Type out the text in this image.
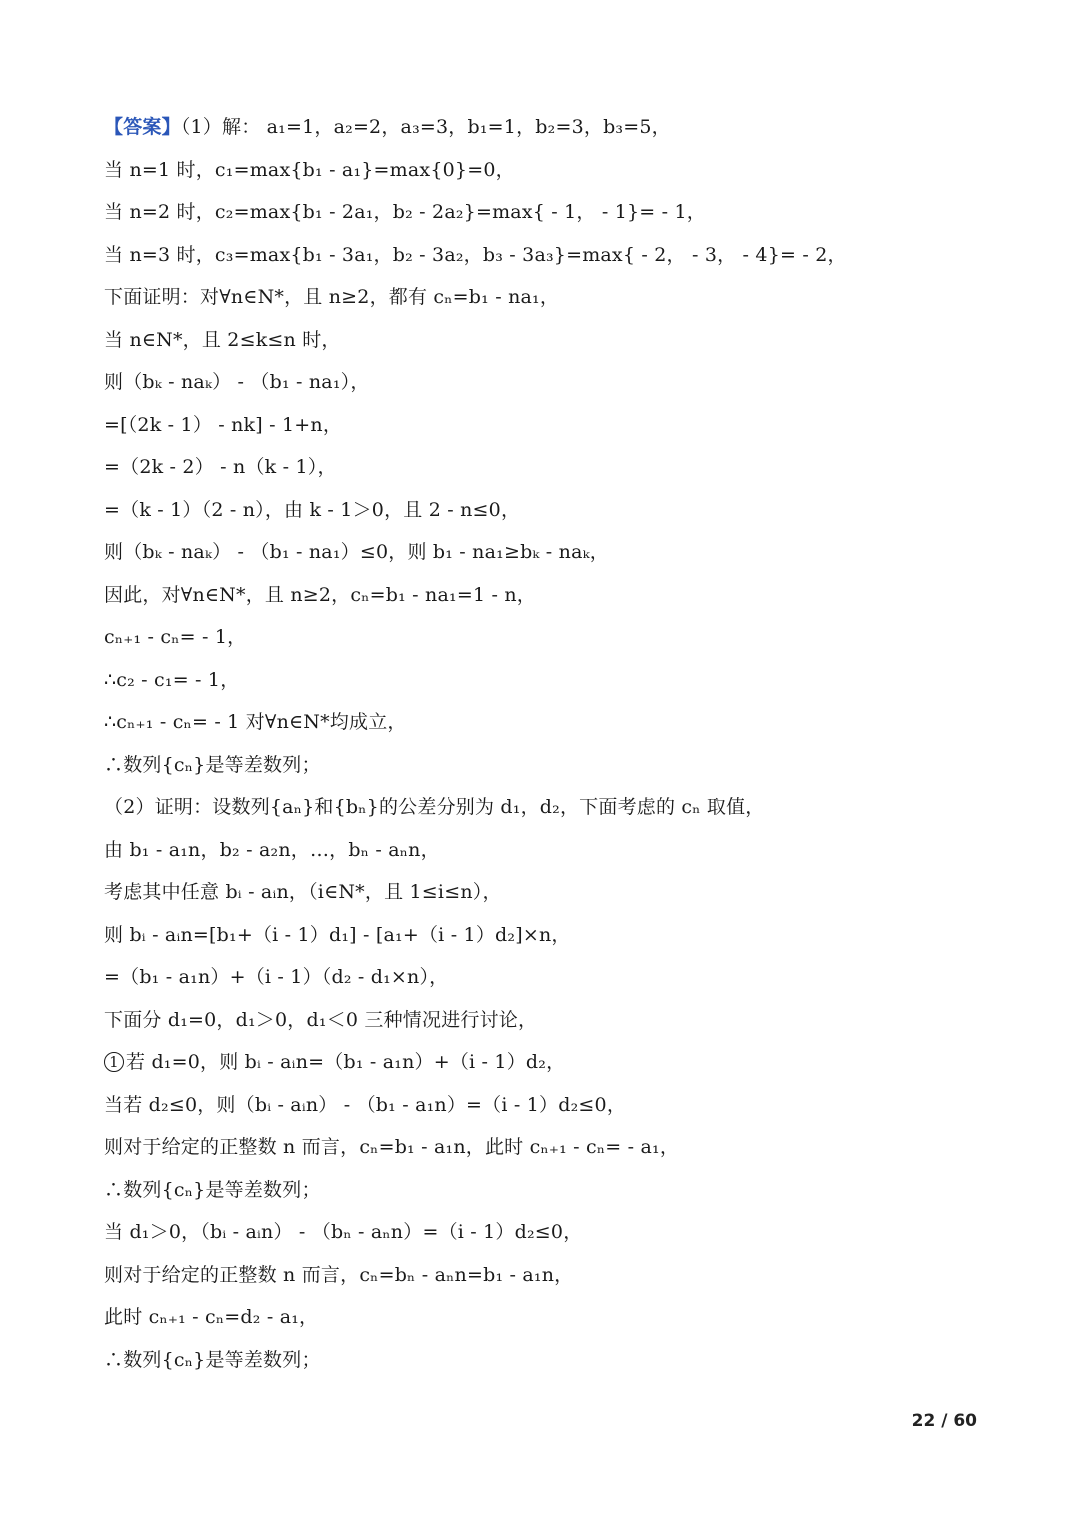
【答案】（1）解： a₁=1，a₂=2，a₃=3，b₁=1，b₂=3，b₃=5，
当 n=1 时，c₁=max{b₁ - a₁}=max{0}=0，
当 n=2 时，c₂=max{b₁ - 2a₁，b₂ - 2a₂}=max{ - 1， - 1}= - 1，
当 n=3 时，c₃=max{b₁ - 3a₁，b₂ - 3a₂，b₃ - 3a₃}=max{ - 2， - 3， - 4}= - 2，
下面证明：对∀n∈N*，且 n≥2，都有 cₙ=b₁ - na₁，
当 n∈N*，且 2≤k≤n 时，
则（bₖ - naₖ） - （b₁ - na₁），
=[（2k - 1） - nk] - 1+n，
=（2k - 2） - n（k - 1），
=（k - 1）（2 - n），由 k - 1＞0，且 2 - n≤0，
则（bₖ - naₖ） - （b₁ - na₁）≤0，则 b₁ - na₁≥bₖ - naₖ，
因此，对∀n∈N*，且 n≥2，cₙ=b₁ - na₁=1 - n，
cₙ₊₁ - cₙ= - 1，
∴c₂ - c₁= - 1，
∴cₙ₊₁ - cₙ= - 1 对∀n∈N*均成立，
∴数列{cₙ}是等差数列；
（2）证明：设数列{aₙ}和{bₙ}的公差分别为 d₁，d₂，下面考虑的 cₙ 取值，
由 b₁ - a₁n，b₂ - a₂n，…，bₙ - aₙn，
考虑其中任意 bᵢ - aᵢn，（i∈N*，且 1≤i≤n），
则 bᵢ - aᵢn=[b₁+（i - 1）d₁] - [a₁+（i - 1）d₂]×n，
=（b₁ - a₁n）+（i - 1）（d₂ - d₁×n），
下面分 d₁=0，d₁＞0，d₁＜0 三种情况进行讨论，
1 若 d₁=0，则 bᵢ - aᵢn=（b₁ - a₁n）+（i - 1）d₂，
当若 d₂≤0，则（bᵢ - aᵢn） - （b₁ - a₁n）=（i - 1）d₂≤0，
则对于给定的正整数 n 而言，cₙ=b₁ - a₁n，此时 cₙ₊₁ - cₙ= - a₁，
∴数列{cₙ}是等差数列；
当 d₁＞0，（bᵢ - aᵢn） - （bₙ - aₙn）=（i - 1）d₂≤0，
则对于给定的正整数 n 而言，cₙ=bₙ - aₙn=b₁ - a₁n，
此时 cₙ₊₁ - cₙ=d₂ - a₁，
∴数列{cₙ}是等差数列；
22 / 60
